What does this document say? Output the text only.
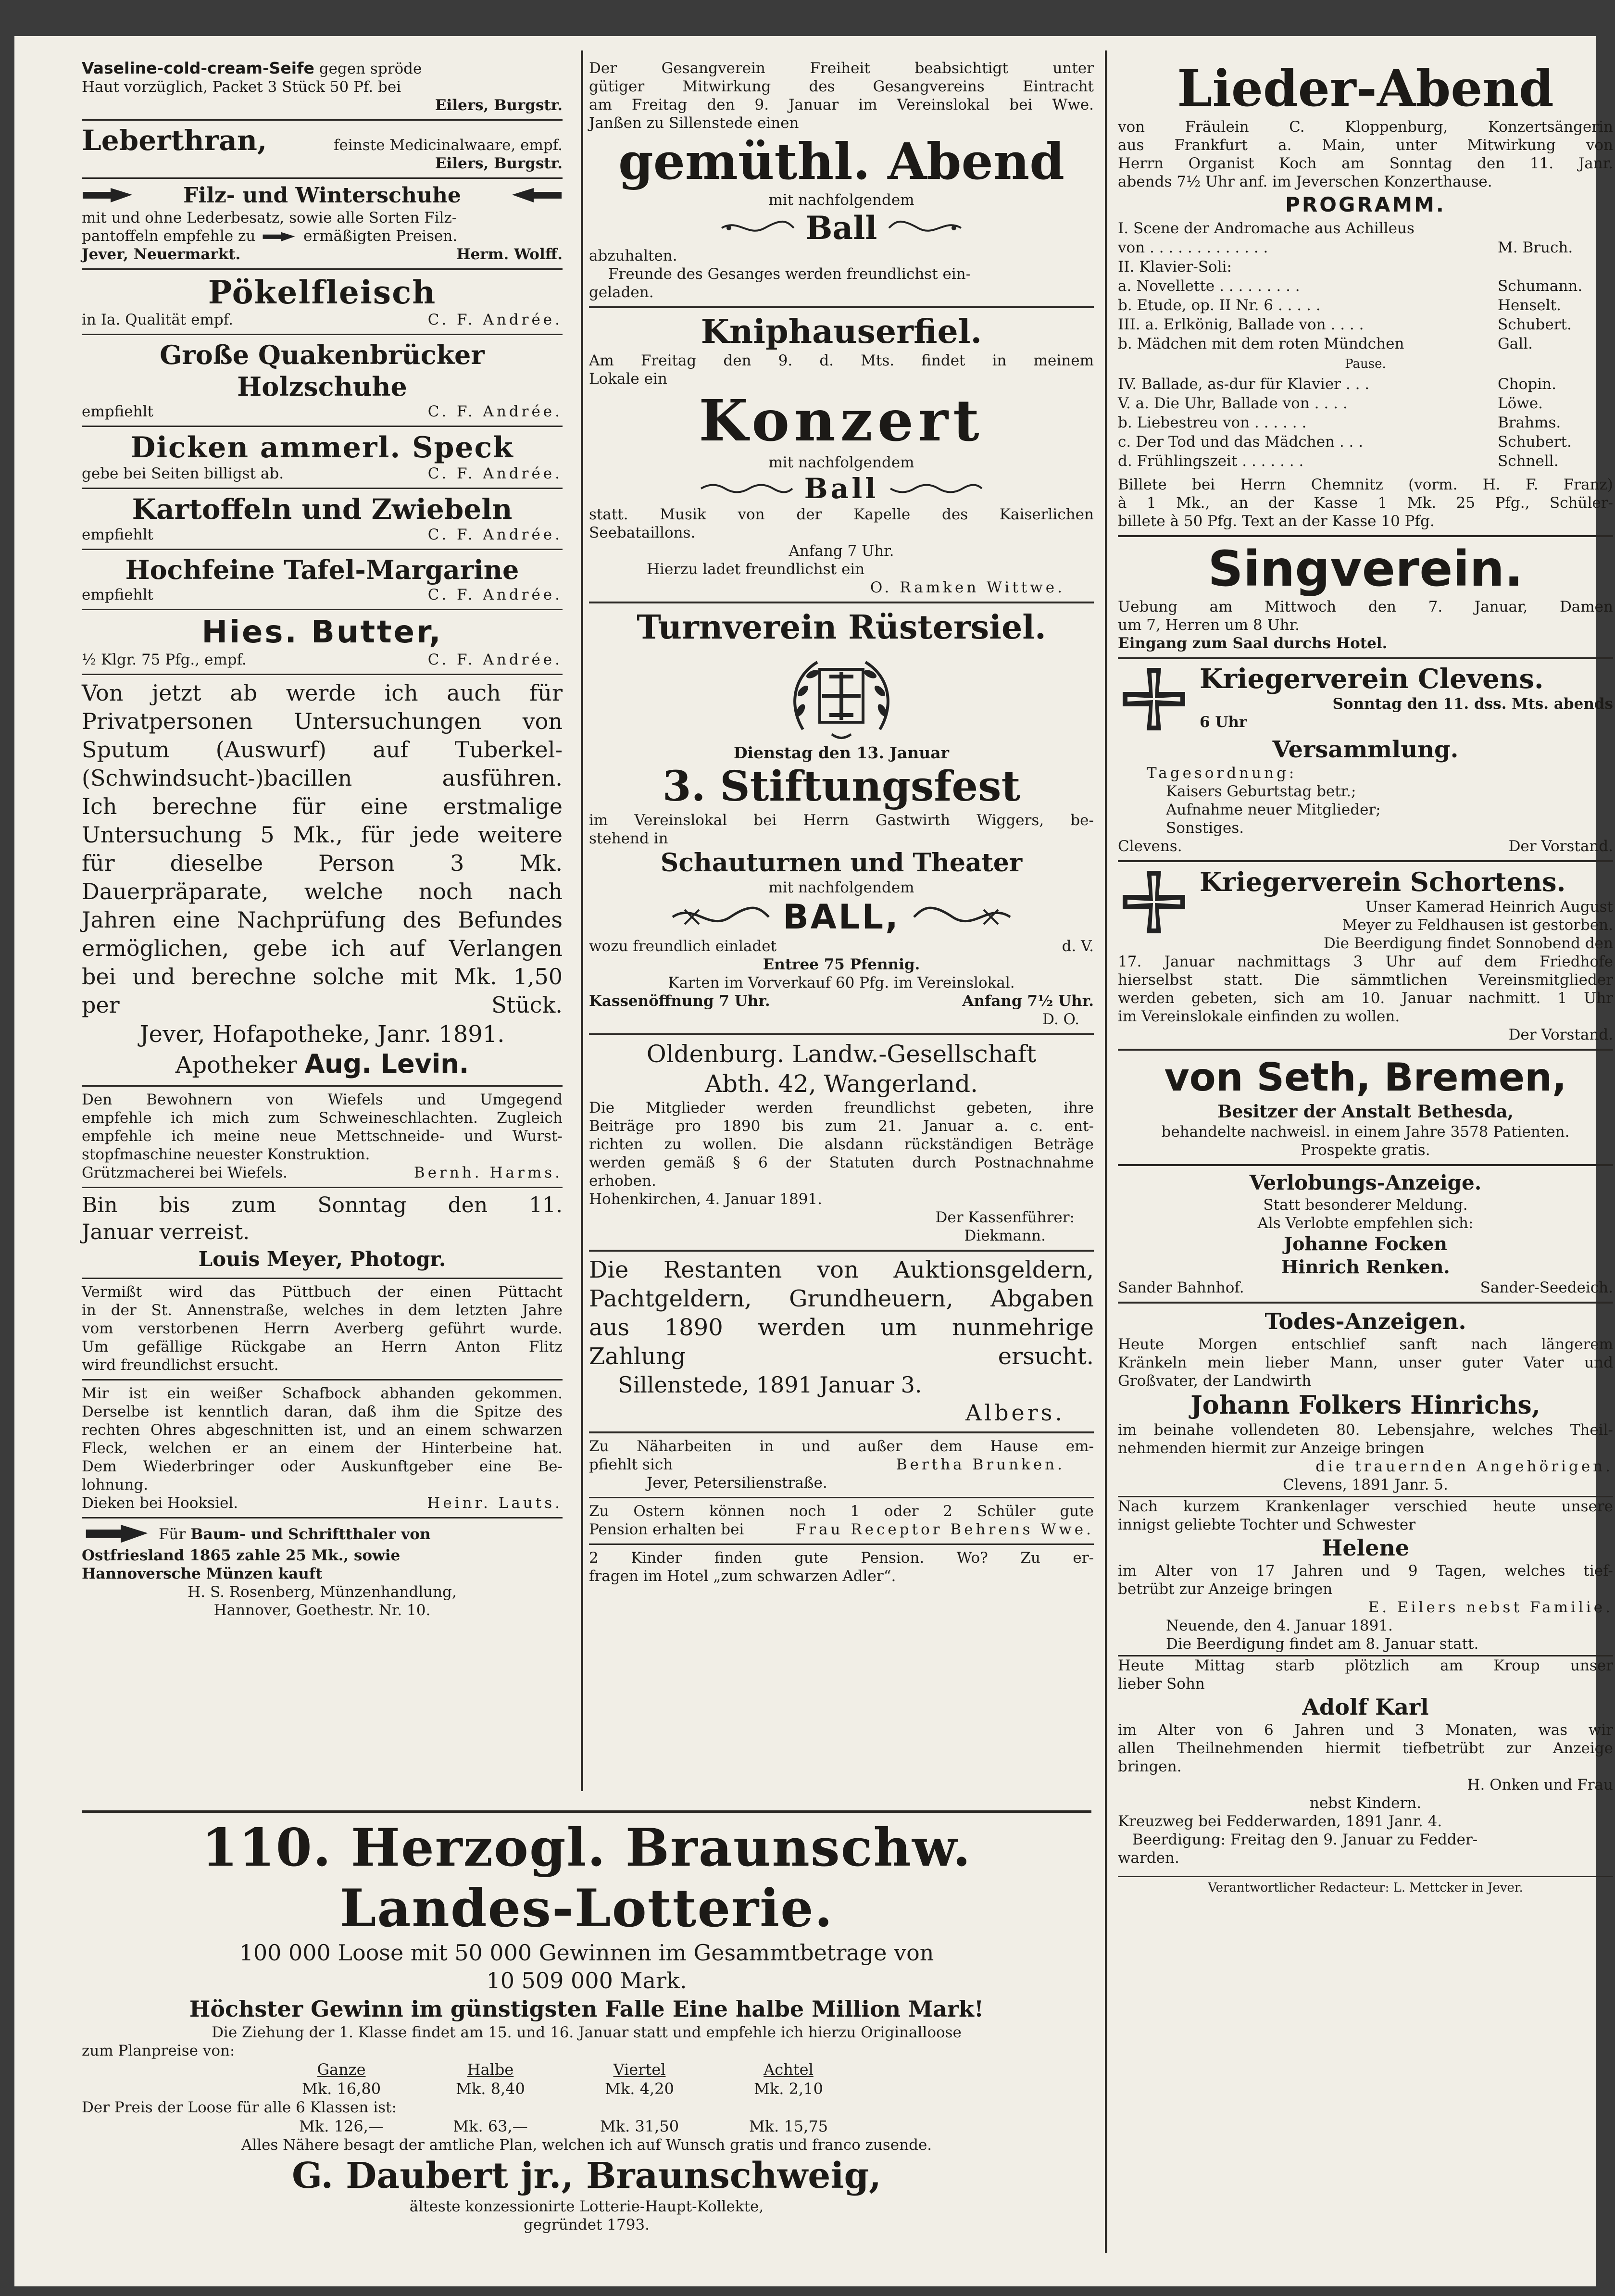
Vaseline-cold-cream-Seife gegen spröde

Haut vorzüglich, Packet 3 Stück 50 Pf. bei

Eilers, Burgstr.

Leberthran,	feinste Medicinalwaare, empf.
Eilers, Burgstr.
Filz- und Winterschuhe

mit und ohne Lederbesatz, sowie alle Sorten Filz-

pantoffeln empfehle zu	ermäßigten Preisen.

Jever, Neuermarkt.	Herm. Wolff.

Pökelfleisch

in Ia. Qualität empf.	C. F. Andrée.

Große Quakenbrücker Holzschuhe

empfiehlt	C. F. Andrée.

Dicken ammerl. Speck

gebe bei Seiten billigst ab.	C. F. Andrée.

Kartoffeln und Zwiebeln

empfiehlt	C. F. Andrée.

Hochfeine Tafel-Margarine

empfiehlt	C. F. Andrée.

Hies. Butter,

½ Klgr. 75 Pfg., empf.	C. F. Andrée.

Von jetzt ab werde ich auch für

Privatpersonen Untersuchungen von

Sputum (Auswurf) auf Tuberkel-

(Schwindsucht-)bacillen ausführen.

Ich berechne für eine erstmalige

Untersuchung 5 Mk., für jede weitere

für dieselbe Person 3 Mk.

Dauerpräparate, welche noch nach

Jahren eine Nachprüfung des Befundes

ermöglichen, gebe ich auf Verlangen

bei und berechne solche mit Mk. 1,50

per Stück.

Jever, Hofapotheke, Janr. 1891.

Apotheker Aug. Levin.

Den Bewohnern von Wiefels und Umgegend

empfehle ich mich zum Schweineschlachten. Zugleich

empfehle ich meine neue Mettschneide- und Wurst-

stopfmaschine neuester Konstruktion.

Grützmacherei bei Wiefels.	Bernh. Harms.

Bin bis zum Sonntag den 11.

Januar verreist.

Louis Meyer, Photogr.

Vermißt wird das Püttbuch der einen Püttacht

in der St. Annenstraße, welches in dem letzten Jahre

vom verstorbenen Herrn Averberg geführt wurde.

Um gefällige Rückgabe an Herrn Anton Flitz

wird freundlichst ersucht.

Mir ist ein weißer Schafbock abhanden gekommen.

Derselbe ist kenntlich daran, daß ihm die Spitze des

rechten Ohres abgeschnitten ist, und an einem schwarzen

Fleck, welchen er an einem der Hinterbeine hat.

Dem Wiederbringer oder Auskunftgeber eine Be-

lohnung.

Dieken bei Hooksiel.	Heinr. Lauts.

Für Baum- und Schriftthaler von

Ostfriesland 1865 zahle 25 Mk., sowie

Hannoversche Münzen kauft

H. S. Rosenberg, Münzenhandlung,

Hannover, Goethestr. Nr. 10.

Der Gesangverein Freiheit beabsichtigt unter

gütiger Mitwirkung des Gesangvereins Eintracht

am Freitag den 9. Januar im Vereinslokal bei Wwe.

Janßen zu Sillenstede einen

gemüthl. Abend

mit nachfolgendem

Ball

abzuhalten.

Freunde des Gesanges werden freundlichst ein-

geladen.

Kniphauserfiel.

Am Freitag den 9. d. Mts. findet in meinem

Lokale ein

Konzert

mit nachfolgendem

Ball

statt. Musik von der Kapelle des Kaiserlichen

Seebataillons.

Anfang 7 Uhr.

Hierzu ladet freundlichst ein

O. Ramken Wittwe.

Turnverein Rüstersiel.

Dienstag den 13. Januar

3. Stiftungsfest

im Vereinslokal bei Herrn Gastwirth Wiggers, be-

stehend in

Schauturnen und Theater

mit nachfolgendem

BALL,
wozu freundlich einladet	d. V.

Entree 75 Pfennig.

Karten im Vorverkauf 60 Pfg. im Vereinslokal.

Kassenöffnung 7 Uhr.	Anfang 7½ Uhr.

D. O.

Oldenburg. Landw.-Gesellschaft

Abth. 42, Wangerland.

Die Mitglieder werden freundlichst gebeten, ihre

Beiträge pro 1890 bis zum 21. Januar a. c. ent-

richten zu wollen. Die alsdann rückständigen Beträge

werden gemäß § 6 der Statuten durch Postnachnahme

erhoben.

Hohenkirchen, 4. Januar 1891.

Der Kassenführer:

Diekmann.

Die Restanten von Auktionsgeldern,

Pachtgeldern, Grundheuern, Abgaben

aus 1890 werden um nunmehrige

Zahlung ersucht.

Sillenstede, 1891 Januar 3.

Albers.

Zu Näharbeiten in und außer dem Hause em-

pfiehlt sich	Bertha Brunken.

Jever, Petersilienstraße.

Zu Ostern können noch 1 oder 2 Schüler gute

Pension erhalten bei	Frau Receptor Behrens Wwe.

2 Kinder finden gute Pension. Wo? Zu er-

fragen im Hotel „zum schwarzen Adler“.

Lieder-Abend

von Fräulein C. Kloppenburg, Konzertsängerin

aus Frankfurt a. Main, unter Mitwirkung von

Herrn Organist Koch am Sonntag den 11. Janr.

abends 7½ Uhr anf. im Jeverschen Konzerthause.

PROGRAMM.

I. Scene der Andromache aus Achilleus
von . . . . . . . . . . . . .	M. Bruch.
II. Klavier-Soli:
a. Novellette . . . . . . . . .	Schumann.
b. Etude, op. II Nr. 6 . . . . .	Henselt.
III. a. Erlkönig, Ballade von . . . .	Schubert.
b. Mädchen mit dem roten Mündchen	Gall.

Pause.

IV. Ballade, as-dur für Klavier . . .	Chopin.
V. a. Die Uhr, Ballade von . . . .	Löwe.
b. Liebestreu von . . . . . .	Brahms.
c. Der Tod und das Mädchen . . .	Schubert.
d. Frühlingszeit . . . . . . .	Schnell.

Billete bei Herrn Chemnitz (vorm. H. F. Franz)

à 1 Mk., an der Kasse 1 Mk. 25 Pfg., Schüler-

billete à 50 Pfg. Text an der Kasse 10 Pfg.

Singverein.

Uebung am Mittwoch den 7. Januar, Damen

um 7, Herren um 8 Uhr.

Eingang zum Saal durchs Hotel.

Kriegerverein Clevens.

Sonntag den 11. dss. Mts. abends

6 Uhr

Versammlung.

Tagesordnung:

Kaisers Geburtstag betr.;

Aufnahme neuer Mitglieder;

Sonstiges.

Clevens.	Der Vorstand.

Kriegerverein Schortens.

Unser Kamerad Heinrich August

Meyer zu Feldhausen ist gestorben.

Die Beerdigung findet Sonnobend den

17. Januar nachmittags 3 Uhr auf dem Friedhofe

hierselbst statt. Die sämmtlichen Vereinsmitglieder

werden gebeten, sich am 10. Januar nachmitt. 1 Uhr

im Vereinslokale einfinden zu wollen.

Der Vorstand.

von Seth, Bremen,

Besitzer der Anstalt Bethesda,

behandelte nachweisl. in einem Jahre 3578 Patienten.

Prospekte gratis.

Verlobungs-Anzeige.

Statt besonderer Meldung.

Als Verlobte empfehlen sich:

Johanne Focken

Hinrich Renken.

Sander Bahnhof.	Sander-Seedeich.

Todes-Anzeigen.

Heute Morgen entschlief sanft nach längerem

Kränkeln mein lieber Mann, unser guter Vater und

Großvater, der Landwirth

Johann Folkers Hinrichs,

im beinahe vollendeten 80. Lebensjahre, welches Theil-

nehmenden hiermit zur Anzeige bringen

die trauernden Angehörigen.

Clevens, 1891 Janr. 5.

Nach kurzem Krankenlager verschied heute unsere

innigst geliebte Tochter und Schwester

Helene

im Alter von 17 Jahren und 9 Tagen, welches tief-

betrübt zur Anzeige bringen

E. Eilers nebst Familie.

Neuende, den 4. Januar 1891.

Die Beerdigung findet am 8. Januar statt.

Heute Mittag starb plötzlich am Kroup unser

lieber Sohn

Adolf Karl

im Alter von 6 Jahren und 3 Monaten, was wir

allen Theilnehmenden hiermit tiefbetrübt zur Anzeige

bringen.

H. Onken und Frau

nebst Kindern.

Kreuzweg bei Fedderwarden, 1891 Janr. 4.

Beerdigung: Freitag den 9. Januar zu Fedder-

warden.

Verantwortlicher Redacteur: L. Mettcker in Jever.

110. Herzogl. Braunschw. Landes-Lotterie.

100 000 Loose mit 50 000 Gewinnen im Gesammtbetrage von

10 509 000 Mark.

Höchster Gewinn im günstigsten Falle Eine halbe Million Mark!

Die Ziehung der 1. Klasse findet am 15. und 16. Januar statt und empfehle ich hierzu Originalloose

zum Planpreise von:

Ganze	Halbe	Viertel	Achtel
Mk. 16,80	Mk. 8,40	Mk. 4,20	Mk. 2,10

Der Preis der Loose für alle 6 Klassen ist:

Mk. 126,—	Mk. 63,—	Mk. 31,50	Mk. 15,75

Alles Nähere besagt der amtliche Plan, welchen ich auf Wunsch gratis und franco zusende.

G. Daubert jr., Braunschweig,

älteste konzessionirte Lotterie-Haupt-Kollekte,

gegründet 1793.
